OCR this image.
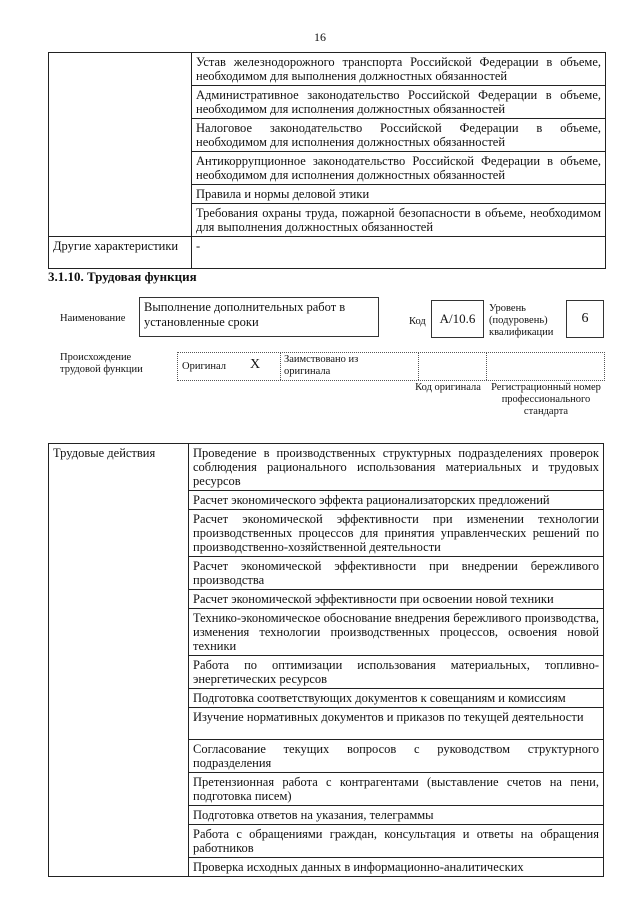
16
	Устав железнодорожного транспорта Российской Федерации в объеме, необходимом для выполнения должностных обязанностей
	Административное законодательство Российской Федерации в объеме, необходимом для исполнения должностных обязанностей
	Налоговое законодательство Российской Федерации в объеме, необходимом для исполнения должностных обязанностей
	Антикоррупционное законодательство Российской Федерации в объеме, необходимом для исполнения должностных обязанностей
	Правила и нормы деловой этики
	Требования охраны труда, пожарной безопасности в объеме, необходимом для выполнения должностных обязанностей
Другие характеристики	-
3.1.10. Трудовая функция
Наименование
Выполнение дополнительных работ в установленные сроки	Код	А/10.6
Уровень (подуровень) квалификации
6
Происхождение трудовой функции	Оригинал X Заимствовано из оригинала
Код оригинала Регистрационный номер профессионального стандарта
Трудовые действия	Проведение в производственных структурных подразделениях проверок соблюдения рационального использования материальных и трудовых ресурсов
Расчет экономического эффекта рационализаторских предложений
Расчет экономической эффективности при изменении технологии производственных процессов для принятия управленческих решений по производственно-хозяйственной деятельности
Расчет экономической эффективности при внедрении бережливого производства
Расчет экономической эффективности при освоении новой техники
Технико-экономическое обоснование внедрения бережливого производства, изменения технологии производственных процессов, освоения новой техники
Работа по оптимизации использования материальных, топливно-энергетических ресурсов
Подготовка соответствующих документов к совещаниям и комиссиям
Изучение нормативных документов и приказов по текущей деятельности
Согласование текущих вопросов с руководством структурного подразделения
Претензионная работа с контрагентами (выставление счетов на пени, подготовка писем)
Подготовка ответов на указания, телеграммы
Работа с обращениями граждан, консультация и ответы на обращения работников
Проверка исходных данных в информационно-аналитических
